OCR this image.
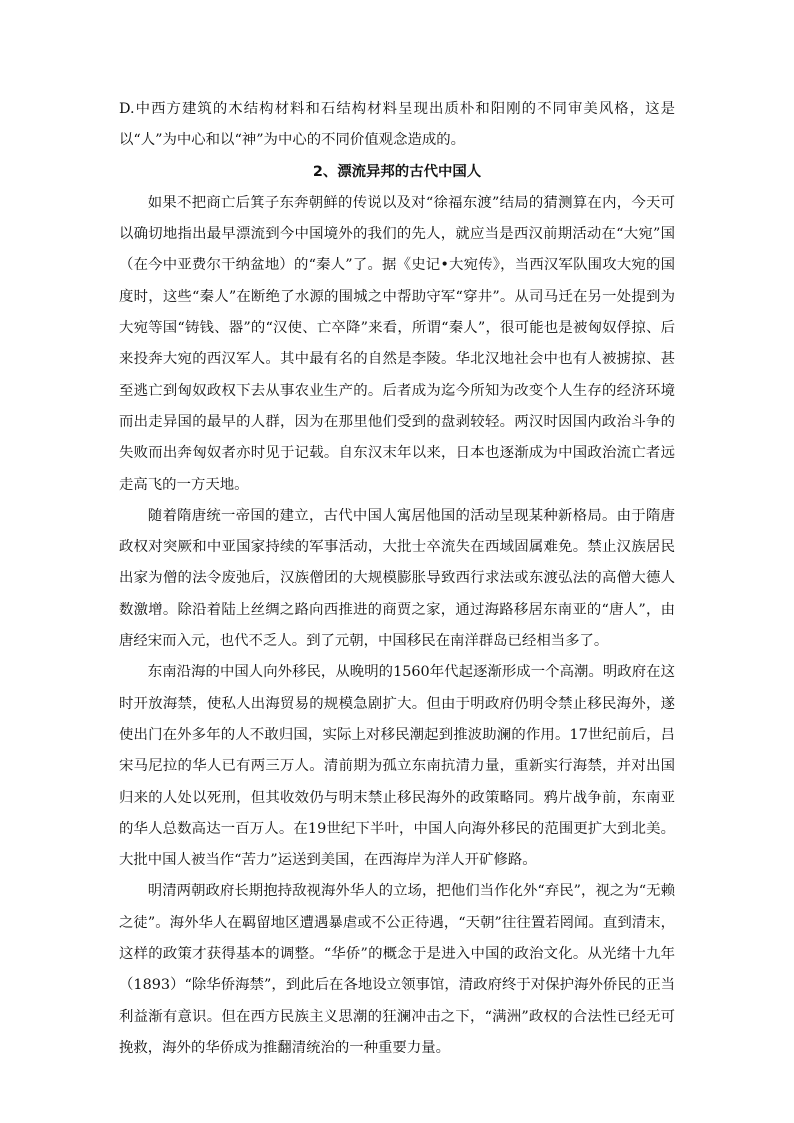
D.中西方建筑的木结构材料和石结构材料呈现出质朴和阳刚的不同审美风格，这是以“人”为中心和以“神”为中心的不同价值观念造成的。

2、漂流异邦的古代中国人

如果不把商亡后箕子东奔朝鲜的传说以及对“徐福东渡”结局的猜测算在内，今天可以确切地指出最早漂流到今中国境外的我们的先人，就应当是西汉前期活动在“大宛”国（在今中亚费尔干纳盆地）的“秦人”了。据《史记•大宛传》，当西汉军队围攻大宛的国度时，这些“秦人”在断绝了水源的围城之中帮助守军“穿井”。从司马迁在另一处提到为大宛等国“铸钱、器”的“汉使、亡卒降”来看，所谓“秦人”，很可能也是被匈奴俘掠、后来投奔大宛的西汉军人。其中最有名的自然是李陵。华北汉地社会中也有人被掳掠、甚至逃亡到匈奴政权下去从事农业生产的。后者成为迄今所知为改变个人生存的经济环境而出走异国的最早的人群，因为在那里他们受到的盘剥较轻。两汉时因国内政治斗争的失败而出奔匈奴者亦时见于记载。自东汉末年以来，日本也逐渐成为中国政治流亡者远走高飞的一方天地。

随着隋唐统一帝国的建立，古代中国人寓居他国的活动呈现某种新格局。由于隋唐政权对突厥和中亚国家持续的军事活动，大批士卒流失在西域固属难免。禁止汉族居民出家为僧的法令废弛后，汉族僧团的大规模膨胀导致西行求法或东渡弘法的高僧大德人数激增。除沿着陆上丝绸之路向西推进的商贾之家，通过海路移居东南亚的“唐人”，由唐经宋而入元，也代不乏人。到了元朝，中国移民在南洋群岛已经相当多了。

东南沿海的中国人向外移民，从晚明的1560年代起逐渐形成一个高潮。明政府在这时开放海禁，使私人出海贸易的规模急剧扩大。但由于明政府仍明令禁止移民海外，遂使出门在外多年的人不敢归国，实际上对移民潮起到推波助澜的作用。17世纪前后，吕宋马尼拉的华人已有两三万人。清前期为孤立东南抗清力量，重新实行海禁，并对出国归来的人处以死刑，但其收效仍与明末禁止移民海外的政策略同。鸦片战争前，东南亚的华人总数高达一百万人。在19世纪下半叶，中国人向海外移民的范围更扩大到北美。大批中国人被当作“苦力”运送到美国，在西海岸为洋人开矿修路。

明清两朝政府长期抱持敌视海外华人的立场，把他们当作化外“弃民”，视之为“无赖之徒”。海外华人在羁留地区遭遇暴虐或不公正待遇，“天朝”往往置若罔闻。直到清末，这样的政策才获得基本的调整。“华侨”的概念于是进入中国的政治文化。从光绪十九年（1893）“除华侨海禁”，到此后在各地设立领事馆，清政府终于对保护海外侨民的正当利益渐有意识。但在西方民族主义思潮的狂澜冲击之下，“满洲”政权的合法性已经无可挽救，海外的华侨成为推翻清统治的一种重要力量。
